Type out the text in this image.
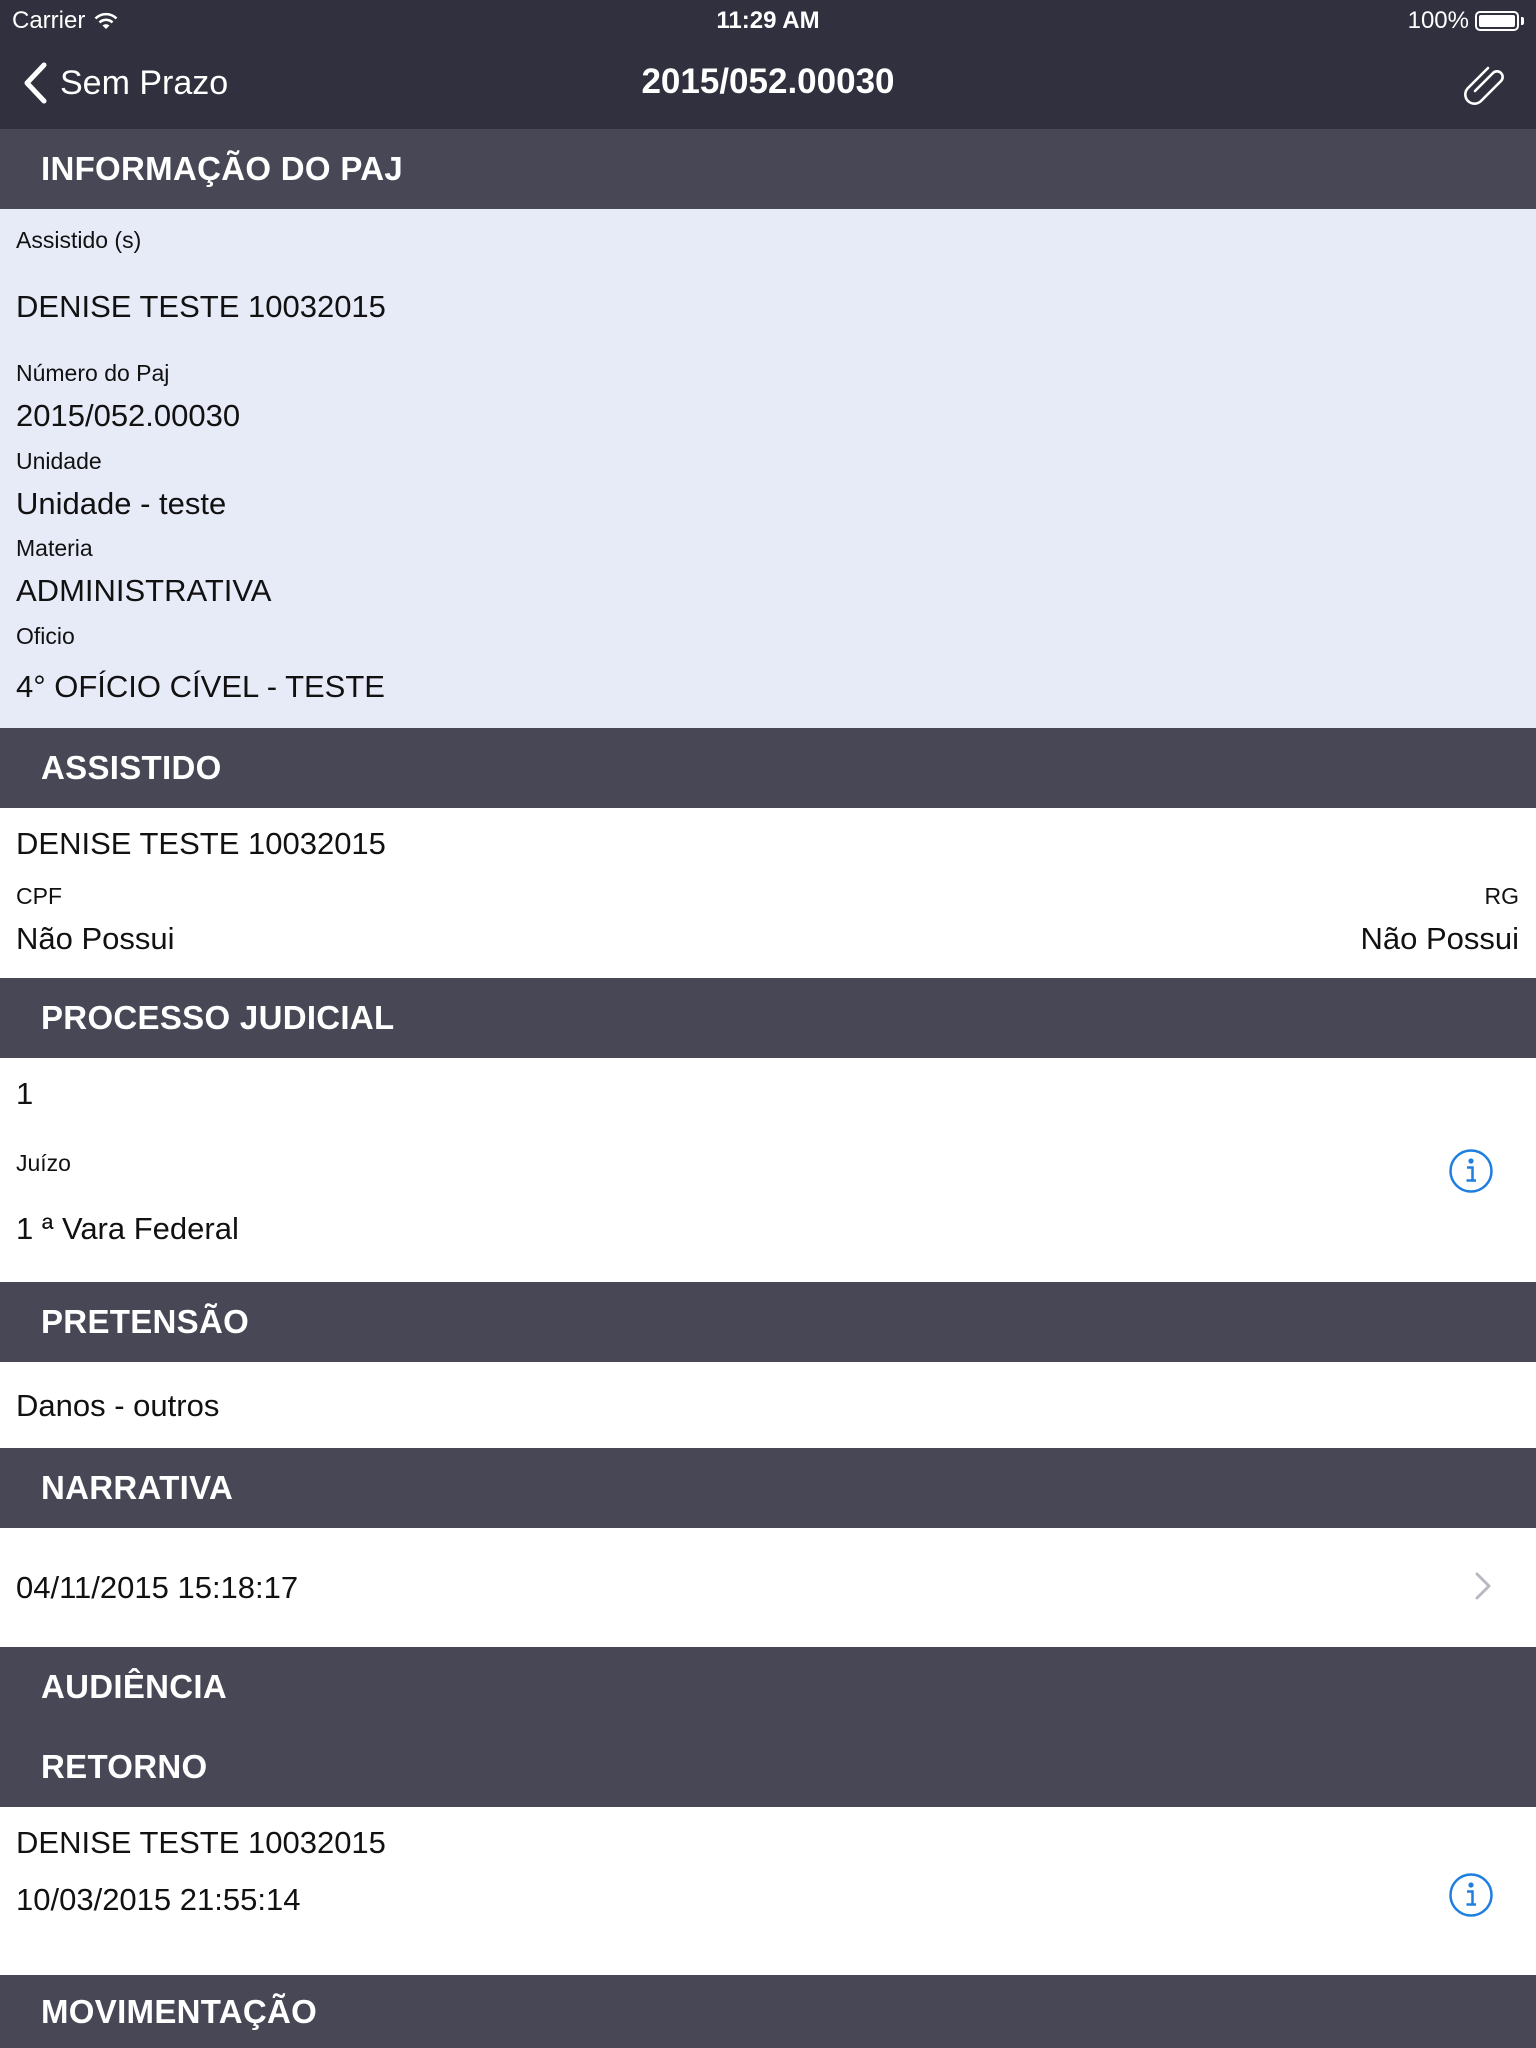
Carrier	11:29 AM	100%
Sem Prazo	2015/052.00030
INFORMAÇÃO DO PAJ
Assistido (s)
DENISE TESTE 10032015
Número do Paj
2015/052.00030
Unidade
Unidade - teste
Materia
ADMINISTRATIVA
Oficio
4° OFÍCIO CÍVEL - TESTE
ASSISTIDO
DENISE TESTE 10032015
CPF
Não Possui
RG
Não Possui
PROCESSO JUDICIAL
1
Juízo
1 ª Vara Federal
PRETENSÃO
Danos - outros
NARRATIVA
04/11/2015 15:18:17
AUDIÊNCIA
RETORNO
DENISE TESTE 10032015
10/03/2015 21:55:14
MOVIMENTAÇÃO
